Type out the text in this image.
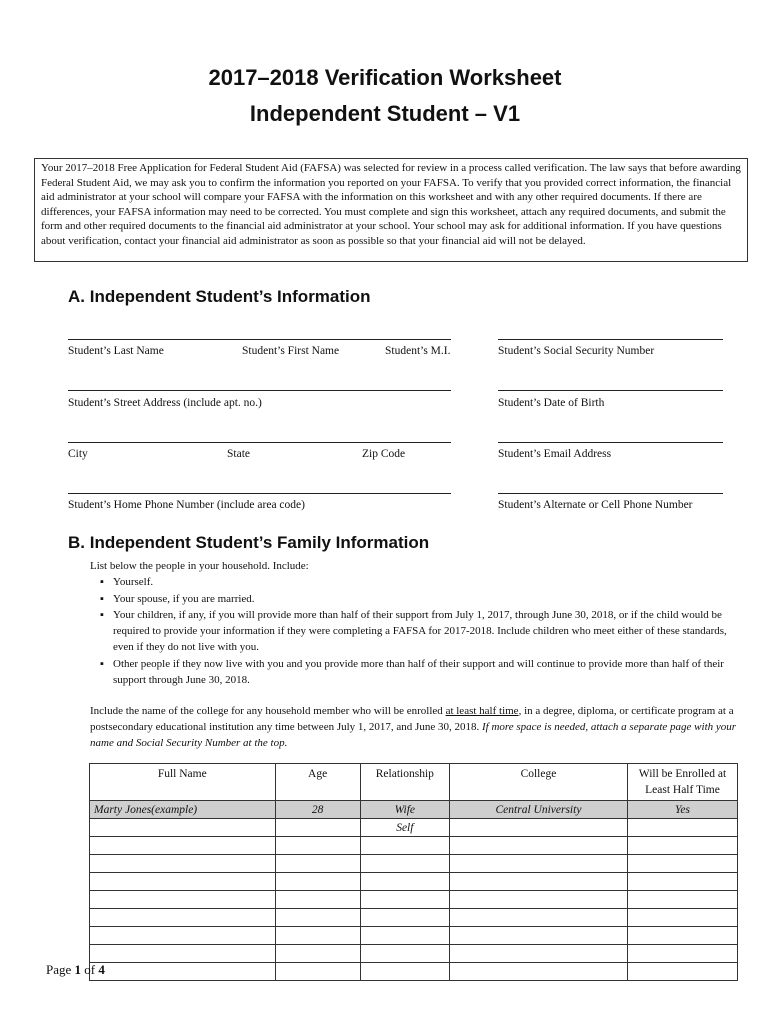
2017–2018 Verification Worksheet
Independent Student – V1
Your 2017–2018 Free Application for Federal Student Aid (FAFSA) was selected for review in a process called verification. The law says that before awarding Federal Student Aid, we may ask you to confirm the information you reported on your FAFSA. To verify that you provided correct information, the financial aid administrator at your school will compare your FAFSA with the information on this worksheet and with any other required documents. If there are differences, your FAFSA information may need to be corrected. You must complete and sign this worksheet, attach any required documents, and submit the form and other required documents to the financial aid administrator at your school. Your school may ask for additional information. If you have questions about verification, contact your financial aid administrator as soon as possible so that your financial aid will not be delayed.
A. Independent Student’s Information
Student’s Last Name	Student’s First Name	Student’s M.I.	Student’s Social Security Number
Student’s Street Address (include apt. no.)	Student’s Date of Birth
City	State	Zip Code	Student’s Email Address
Student’s Home Phone Number (include area code)	Student’s Alternate or Cell Phone Number
B. Independent Student’s Family Information
List below the people in your household. Include:
▪ Yourself.
▪ Your spouse, if you are married.
▪ Your children, if any, if you will provide more than half of their support from July 1, 2017, through June 30, 2018, or if the child would be required to provide your information if they were completing a FAFSA for 2017-2018. Include children who meet either of these standards, even if they do not live with you.
▪ Other people if they now live with you and you provide more than half of their support and will continue to provide more than half of their support through June 30, 2018.
Include the name of the college for any household member who will be enrolled at least half time, in a degree, diploma, or certificate program at a postsecondary educational institution any time between July 1, 2017, and June 30, 2018. If more space is needed, attach a separate page with your name and Social Security Number at the top.
Full Name	Age	Relationship	College	Will be Enrolled at Least Half Time
Marty Jones(example)	28	Wife	Central University	Yes
		Self		

Page 1 of 4
